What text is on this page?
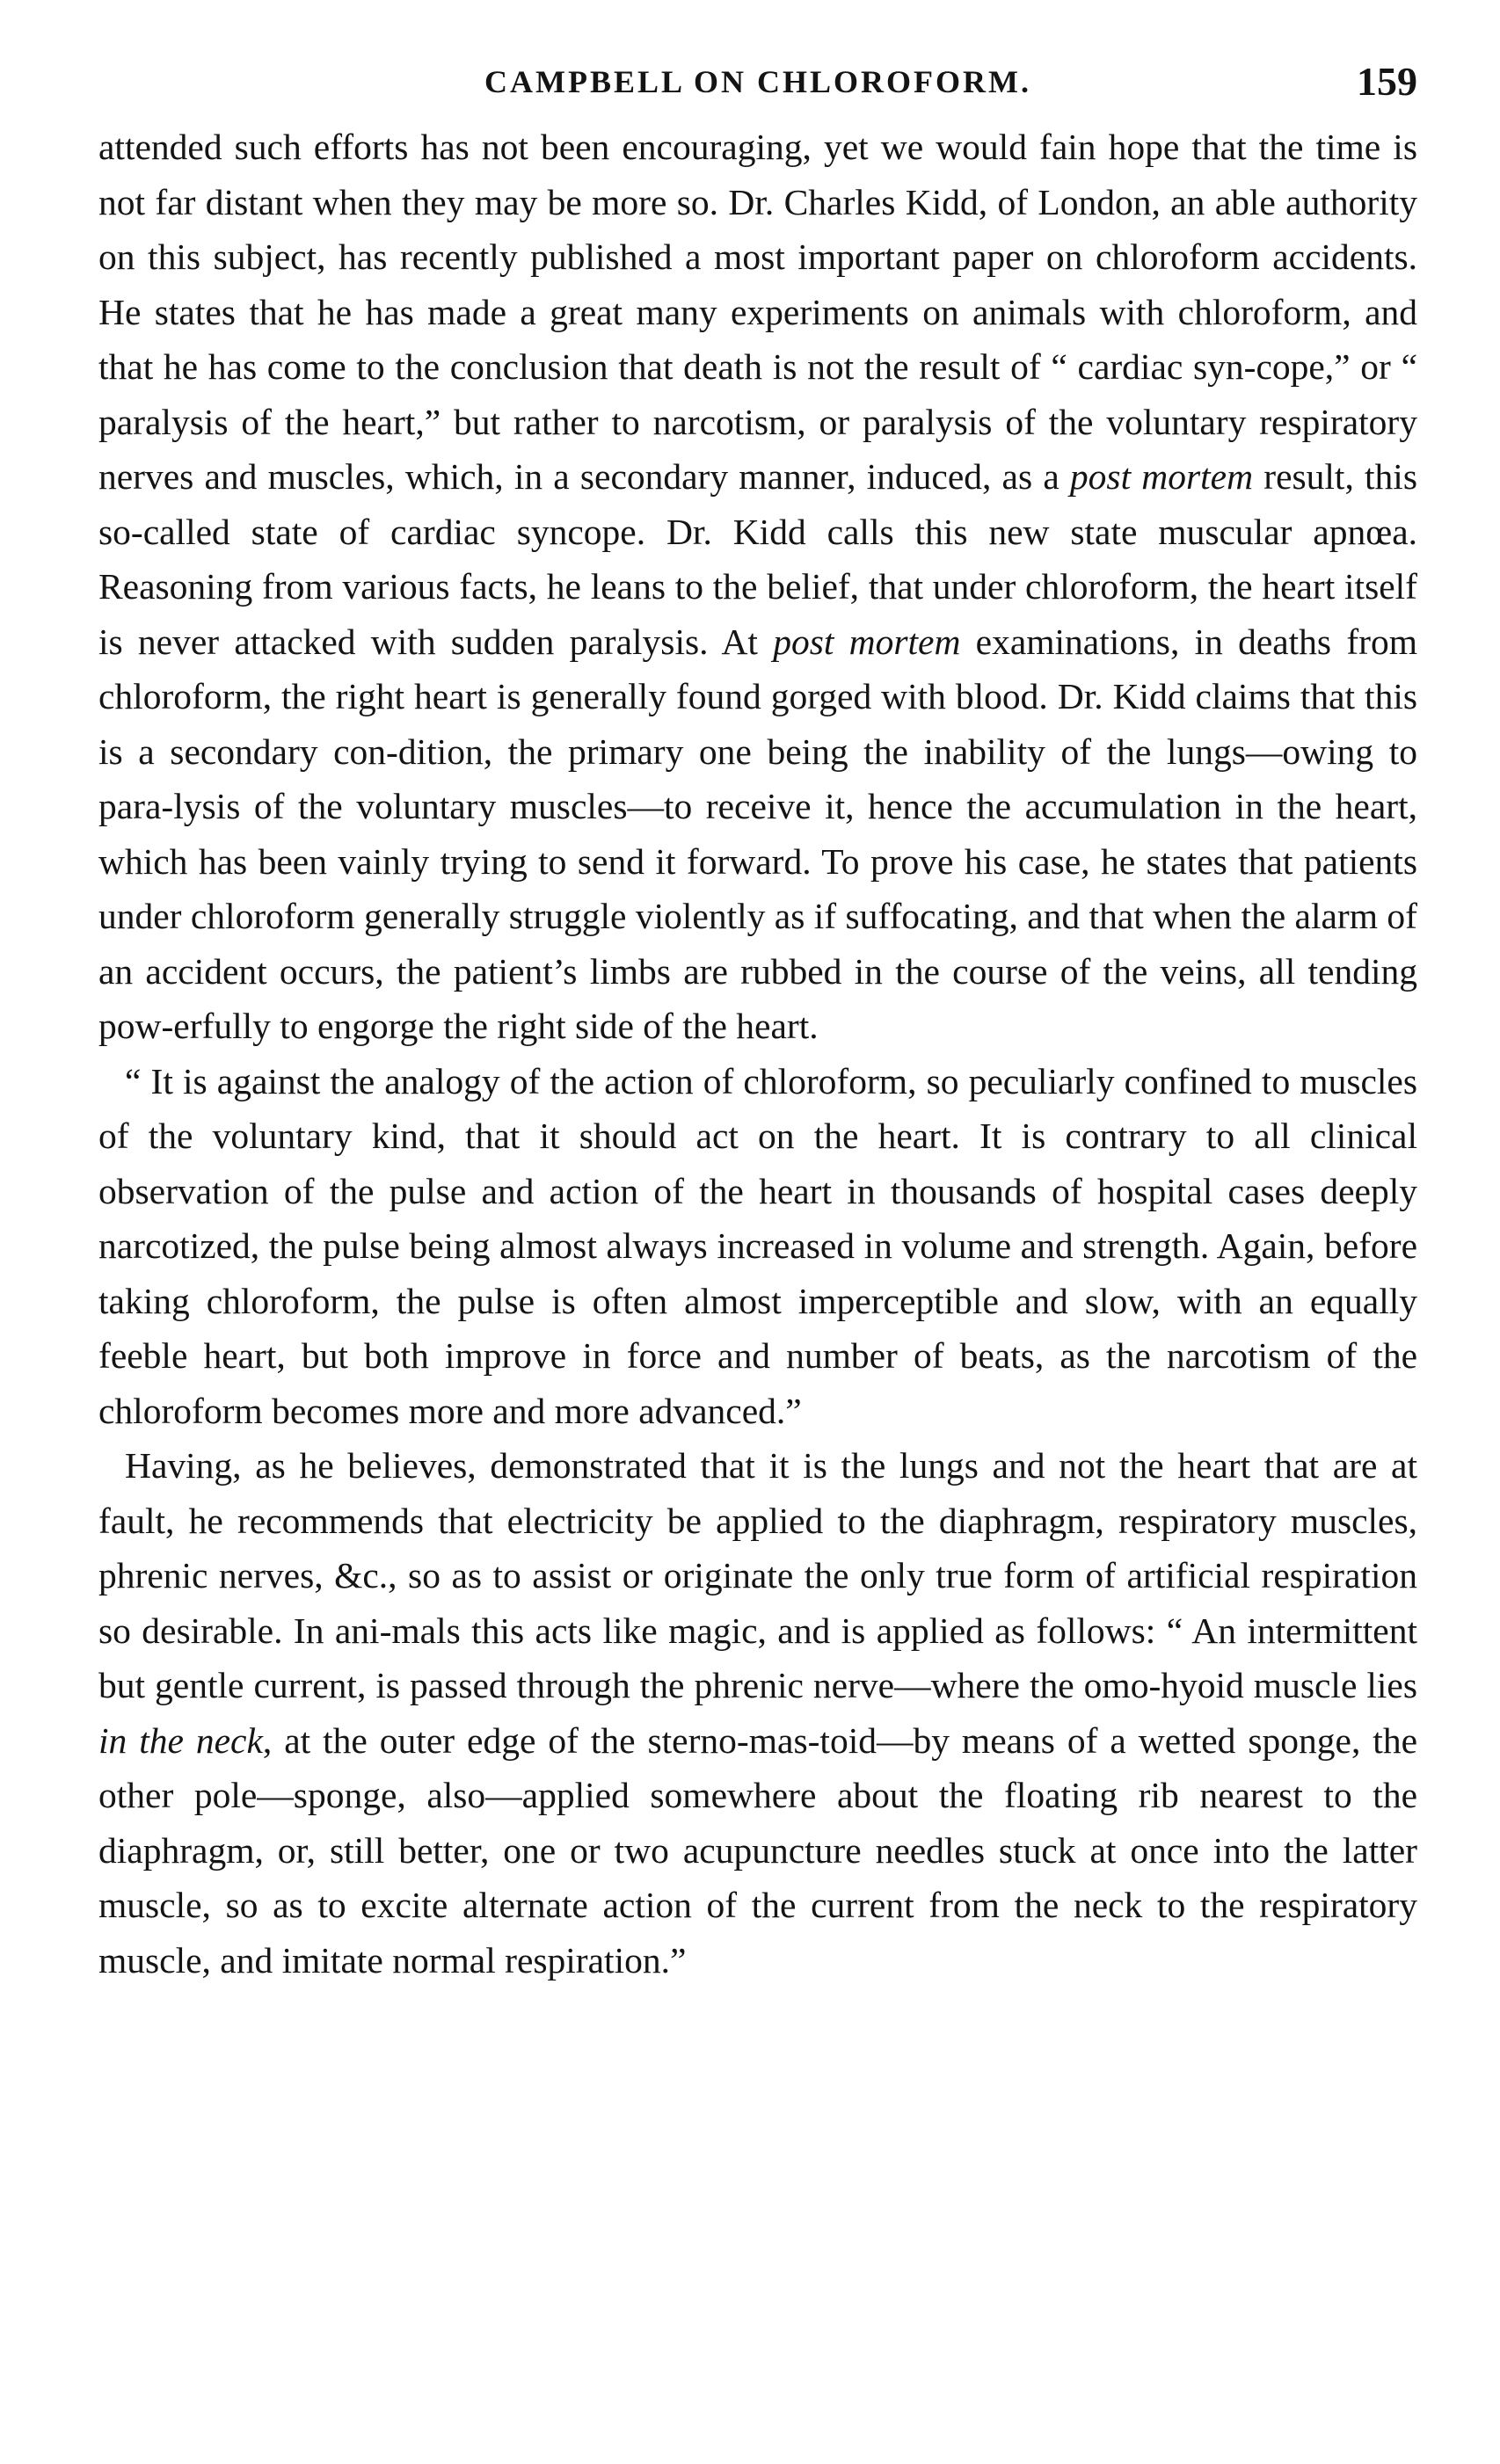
CAMPBELL ON CHLOROFORM.	159

attended such efforts has not been encouraging, yet we would fain hope that the time is not far distant when they may be more so. Dr. Charles Kidd, of London, an able authority on this subject, has recently published a most important paper on chloroform accidents. He states that he has made a great many experiments on animals with chloroform, and that he has come to the conclusion that death is not the result of “ cardiac syn-cope,” or “ paralysis of the heart,” but rather to narcotism, or paralysis of the voluntary respiratory nerves and muscles, which, in a secondary manner, induced, as a post mortem result, this so-called state of cardiac syncope. Dr. Kidd calls this new state muscular apnœa. Reasoning from various facts, he leans to the belief, that under chloroform, the heart itself is never attacked with sudden paralysis. At post mortem examinations, in deaths from chloroform, the right heart is generally found gorged with blood. Dr. Kidd claims that this is a secondary con-dition, the primary one being the inability of the lungs—owing to para-lysis of the voluntary muscles—to receive it, hence the accumulation in the heart, which has been vainly trying to send it forward. To prove his case, he states that patients under chloroform generally struggle violently as if suffocating, and that when the alarm of an accident occurs, the patient’s limbs are rubbed in the course of the veins, all tending pow-erfully to engorge the right side of the heart.

“ It is against the analogy of the action of chloroform, so peculiarly confined to muscles of the voluntary kind, that it should act on the heart. It is contrary to all clinical observation of the pulse and action of the heart in thousands of hospital cases deeply narcotized, the pulse being almost always increased in volume and strength. Again, before taking chloroform, the pulse is often almost imperceptible and slow, with an equally feeble heart, but both improve in force and number of beats, as the narcotism of the chloroform becomes more and more advanced.”

Having, as he believes, demonstrated that it is the lungs and not the heart that are at fault, he recommends that electricity be applied to the diaphragm, respiratory muscles, phrenic nerves, &c., so as to assist or originate the only true form of artificial respiration so desirable. In ani-mals this acts like magic, and is applied as follows: “ An intermittent but gentle current, is passed through the phrenic nerve—where the omo-hyoid muscle lies in the neck, at the outer edge of the sterno-mas-toid—by means of a wetted sponge, the other pole—sponge, also—applied somewhere about the floating rib nearest to the diaphragm, or, still better, one or two acupuncture needles stuck at once into the latter muscle, so as to excite alternate action of the current from the neck to the respiratory muscle, and imitate normal respiration.”
